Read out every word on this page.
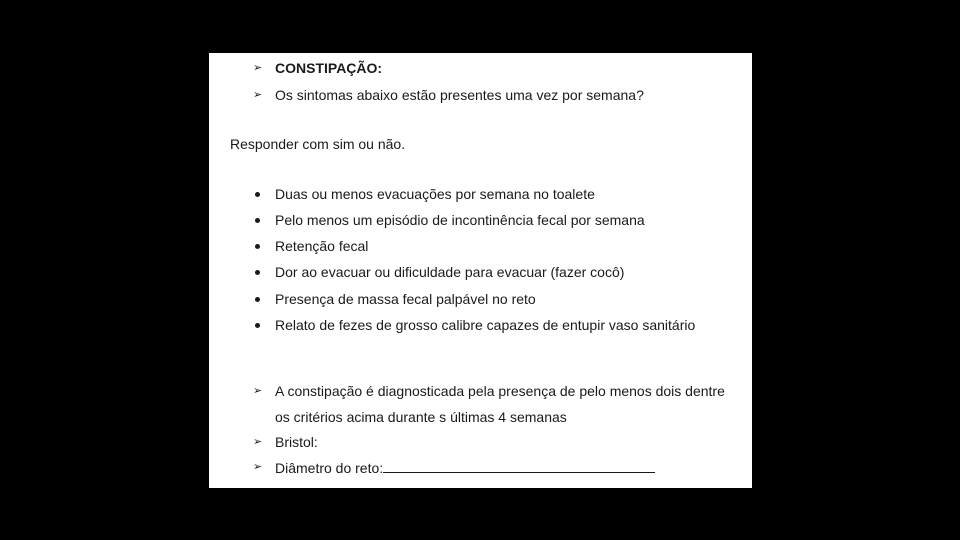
➢ CONSTIPAÇÃO:

➢ Os sintomas abaixo estão presentes uma vez por semana?

Responder com sim ou não.

Duas ou menos evacuações por semana no toalete

Pelo menos um episódio de incontinência fecal por semana

Retenção fecal

Dor ao evacuar ou dificuldade para evacuar (fazer cocô)

Presença de massa fecal palpável no reto

Relato de fezes de grosso calibre capazes de entupir vaso sanitário

➢ A constipação é diagnosticada pela presença de pelo menos dois dentre

os critérios acima durante s últimas 4 semanas

➢ Bristol:

➢ Diâmetro do reto:
